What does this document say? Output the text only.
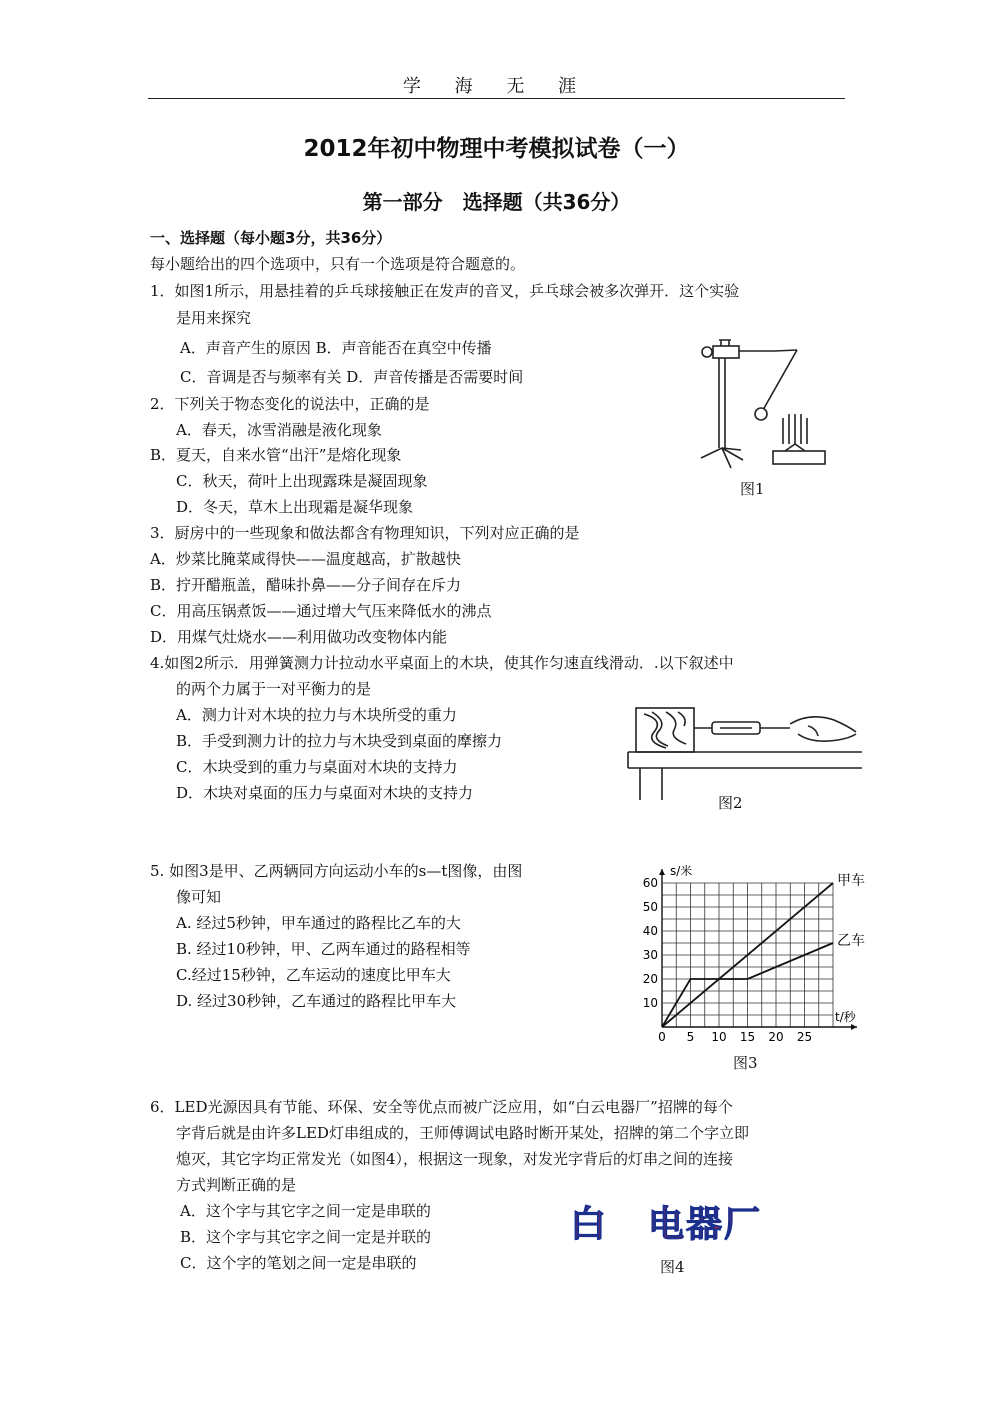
学 海 无 涯
2012年初中物理中考模拟试卷（一）
第一部分　选择题（共36分）
一、选择题（每小题3分，共36分）
每小题给出的四个选项中，只有一个选项是符合题意的。
1．如图1所示，用悬挂着的乒乓球接触正在发声的音叉，乒乓球会被多次弹开．这个实验
是用来探究
A．声音产生的原因 B．声音能否在真空中传播
C．音调是否与频率有关 D．声音传播是否需要时间
图1
2．下列关于物态变化的说法中，正确的是
A．春天，冰雪消融是液化现象
B．夏天，自来水管“出汗”是熔化现象
C．秋天，荷叶上出现露珠是凝固现象
D．冬天，草木上出现霜是凝华现象
3．厨房中的一些现象和做法都含有物理知识，下列对应正确的是
A．炒菜比腌菜咸得快——温度越高，扩散越快
B．拧开醋瓶盖，醋味扑鼻——分子间存在斥力
C．用高压锅煮饭——通过增大气压来降低水的沸点
D．用煤气灶烧水——利用做功改变物体内能
4.如图2所示．用弹簧测力计拉动水平桌面上的木块，使其作匀速直线滑动．.以下叙述中
的两个力属于一对平衡力的是
A．测力计对木块的拉力与木块所受的重力
B．手受到测力计的拉力与木块受到桌面的摩擦力
C．木块受到的重力与桌面对木块的支持力
D．木块对桌面的压力与桌面对木块的支持力
图2
5. 如图3是甲、乙两辆同方向运动小车的s—t图像，由图
像可知
A. 经过5秒钟，甲车通过的路程比乙车的大
B. 经过10秒钟，甲、乙两车通过的路程相等
C.经过15秒钟，乙车运动的速度比甲车大
D. 经过30秒钟，乙车通过的路程比甲车大
0 5 10 15 20 25
10
20
30
40
50
60
t/秒
s/米
甲车
乙车
图3
6．LED光源因具有节能、环保、安全等优点而被广泛应用，如“白云电器厂”招牌的每个
字背后就是由许多LED灯串组成的，王师傅调试电路时断开某处，招牌的第二个字立即
熄灭，其它字均正常发光（如图4），根据这一现象，对发光字背后的灯串之间的连接
方式判断正确的是
A．这个字与其它字之间一定是串联的
B．这个字与其它字之间一定是并联的
C．这个字的笔划之间一定是串联的
白 电器厂
图4
